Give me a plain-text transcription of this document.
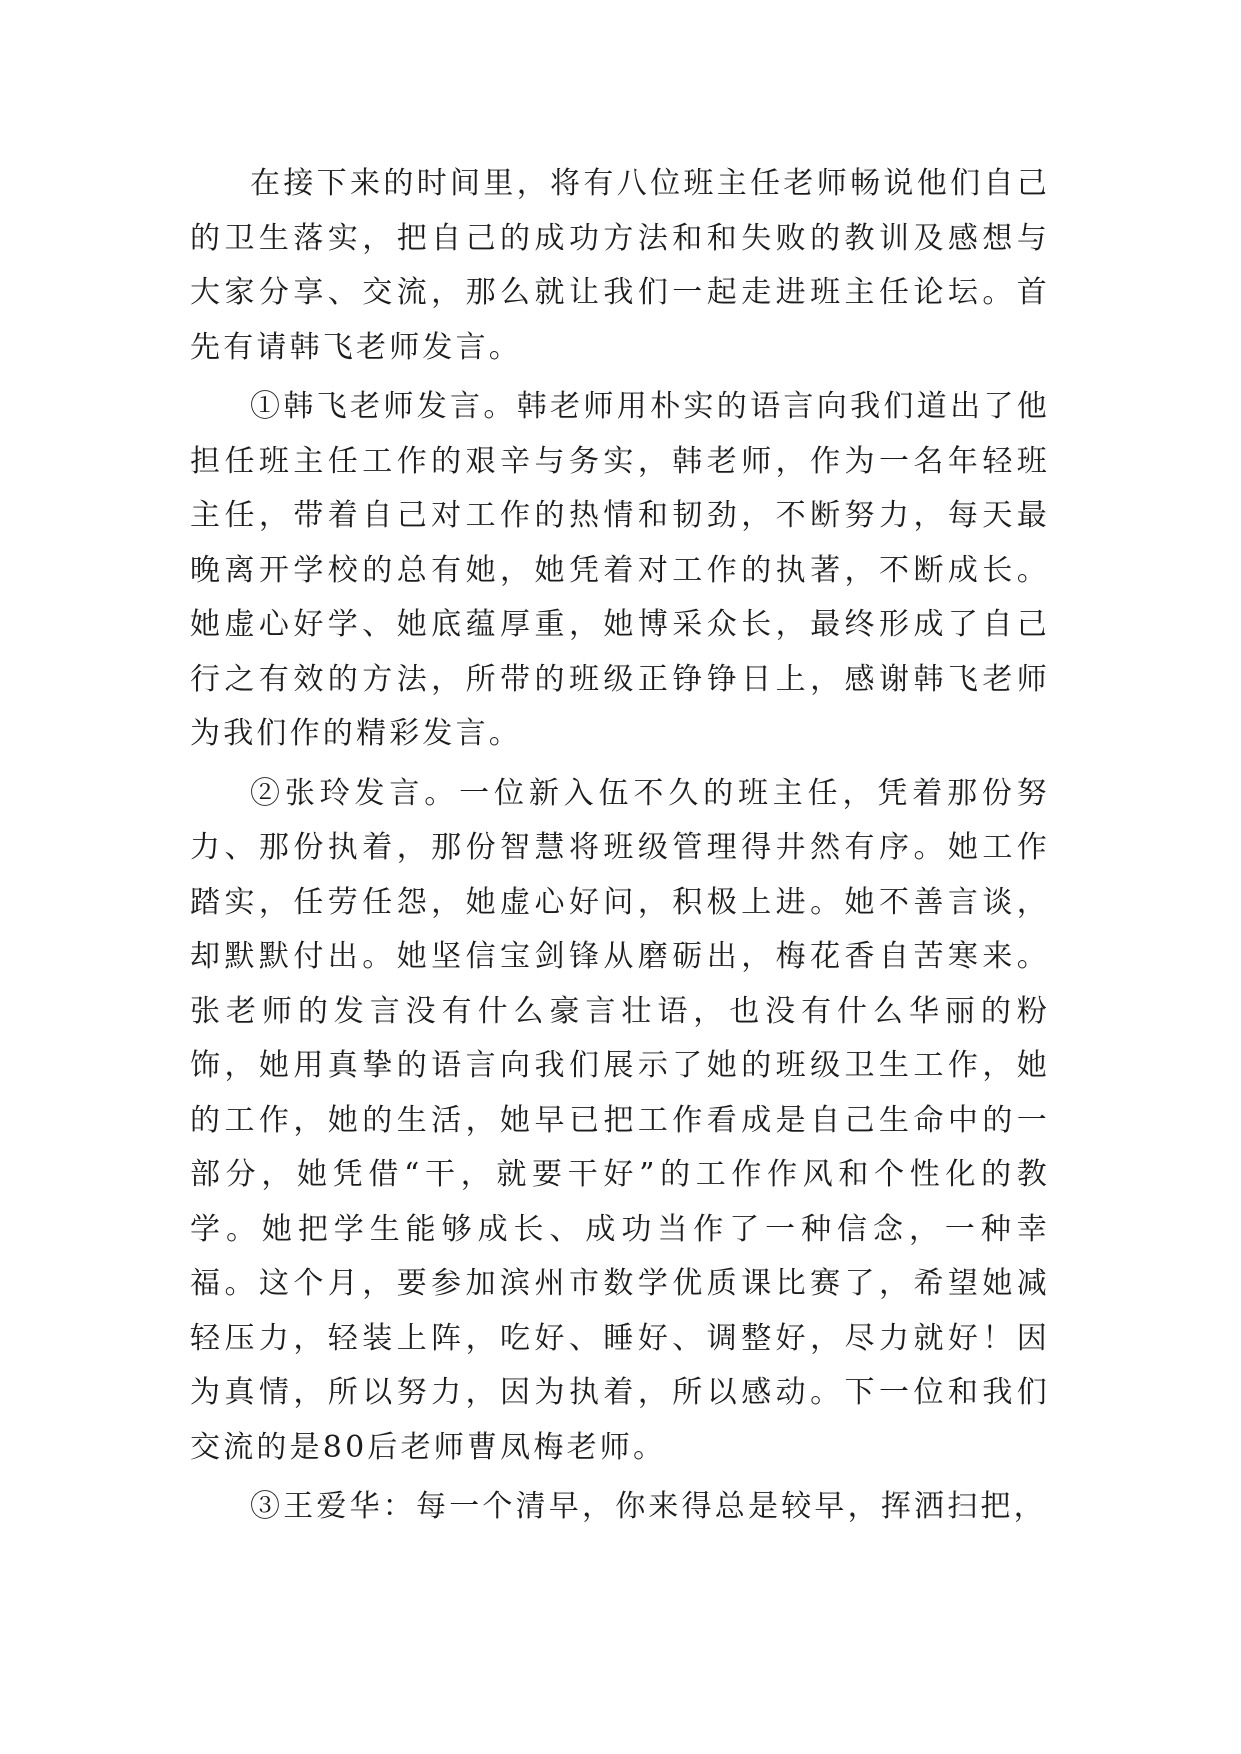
在接下来的时间里，将有八位班主任老师畅说他们自己的卫生落实，把自己的成功方法和和失败的教训及感想与大家分享、交流，那么就让我们一起走进班主任论坛。首先有请韩飞老师发言。

①韩飞老师发言。韩老师用朴实的语言向我们道出了他担任班主任工作的艰辛与务实，韩老师，作为一名年轻班主任，带着自己对工作的热情和韧劲，不断努力，每天最晚离开学校的总有她，她凭着对工作的执著，不断成长。她虚心好学、她底蕴厚重，她博采众长，最终形成了自己行之有效的方法，所带的班级正铮铮日上，感谢韩飞老师为我们作的精彩发言。

②张玲发言。一位新入伍不久的班主任，凭着那份努力、那份执着，那份智慧将班级管理得井然有序。她工作踏实，任劳任怨，她虚心好问，积极上进。她不善言谈，却默默付出。她坚信宝剑锋从磨砺出，梅花香自苦寒来。张老师的发言没有什么豪言壮语，也没有什么华丽的粉饰，她用真挚的语言向我们展示了她的班级卫生工作，她的工作，她的生活，她早已把工作看成是自己生命中的一部分，她凭借“干，就要干好”的工作作风和个性化的教学。她把学生能够成长、成功当作了一种信念，一种幸福。这个月，要参加滨州市数学优质课比赛了，希望她减轻压力，轻装上阵，吃好、睡好、调整好，尽力就好！因为真情，所以努力，因为执着，所以感动。下一位和我们交流的是80后老师曹凤梅老师。

③王爱华：每一个清早，你来得总是较早，挥洒扫把，
